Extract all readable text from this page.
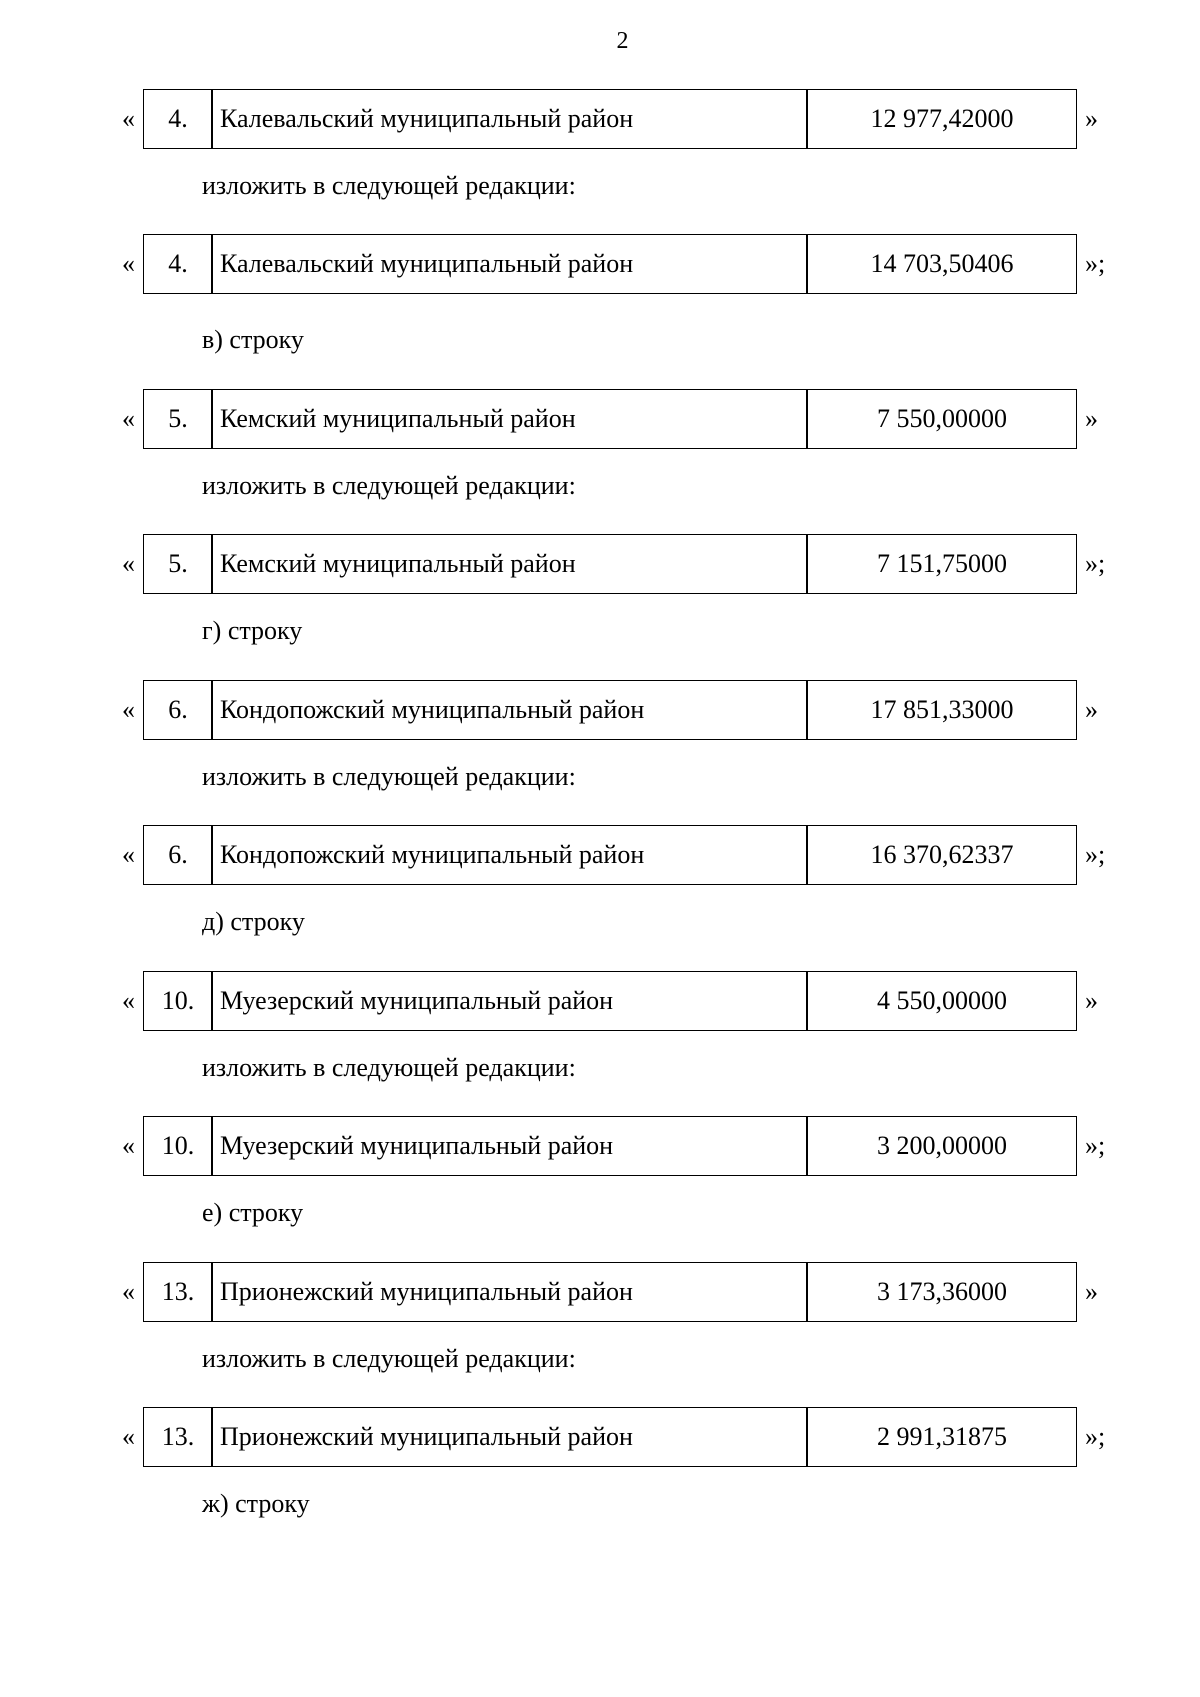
2
«	4.	Калевальский муниципальный район	12 977,42000	»
изложить в следующей редакции:
«	4.	Калевальский муниципальный район	14 703,50406	»;
в) строку
«	5.	Кемский муниципальный район	7 550,00000	»
изложить в следующей редакции:
«	5.	Кемский муниципальный район	7 151,75000	»;
г) строку
«	6.	Кондопожский муниципальный район	17 851,33000	»
изложить в следующей редакции:
«	6.	Кондопожский муниципальный район	16 370,62337	»;
д) строку
«	10. Муезерский муниципальный район	4 550,00000	»
изложить в следующей редакции:
«	10. Муезерский муниципальный район	3 200,00000	»;
е) строку
«	13. Прионежский муниципальный район	3 173,36000	»
изложить в следующей редакции:
«	13. Прионежский муниципальный район	2 991,31875	»;
ж) строку
